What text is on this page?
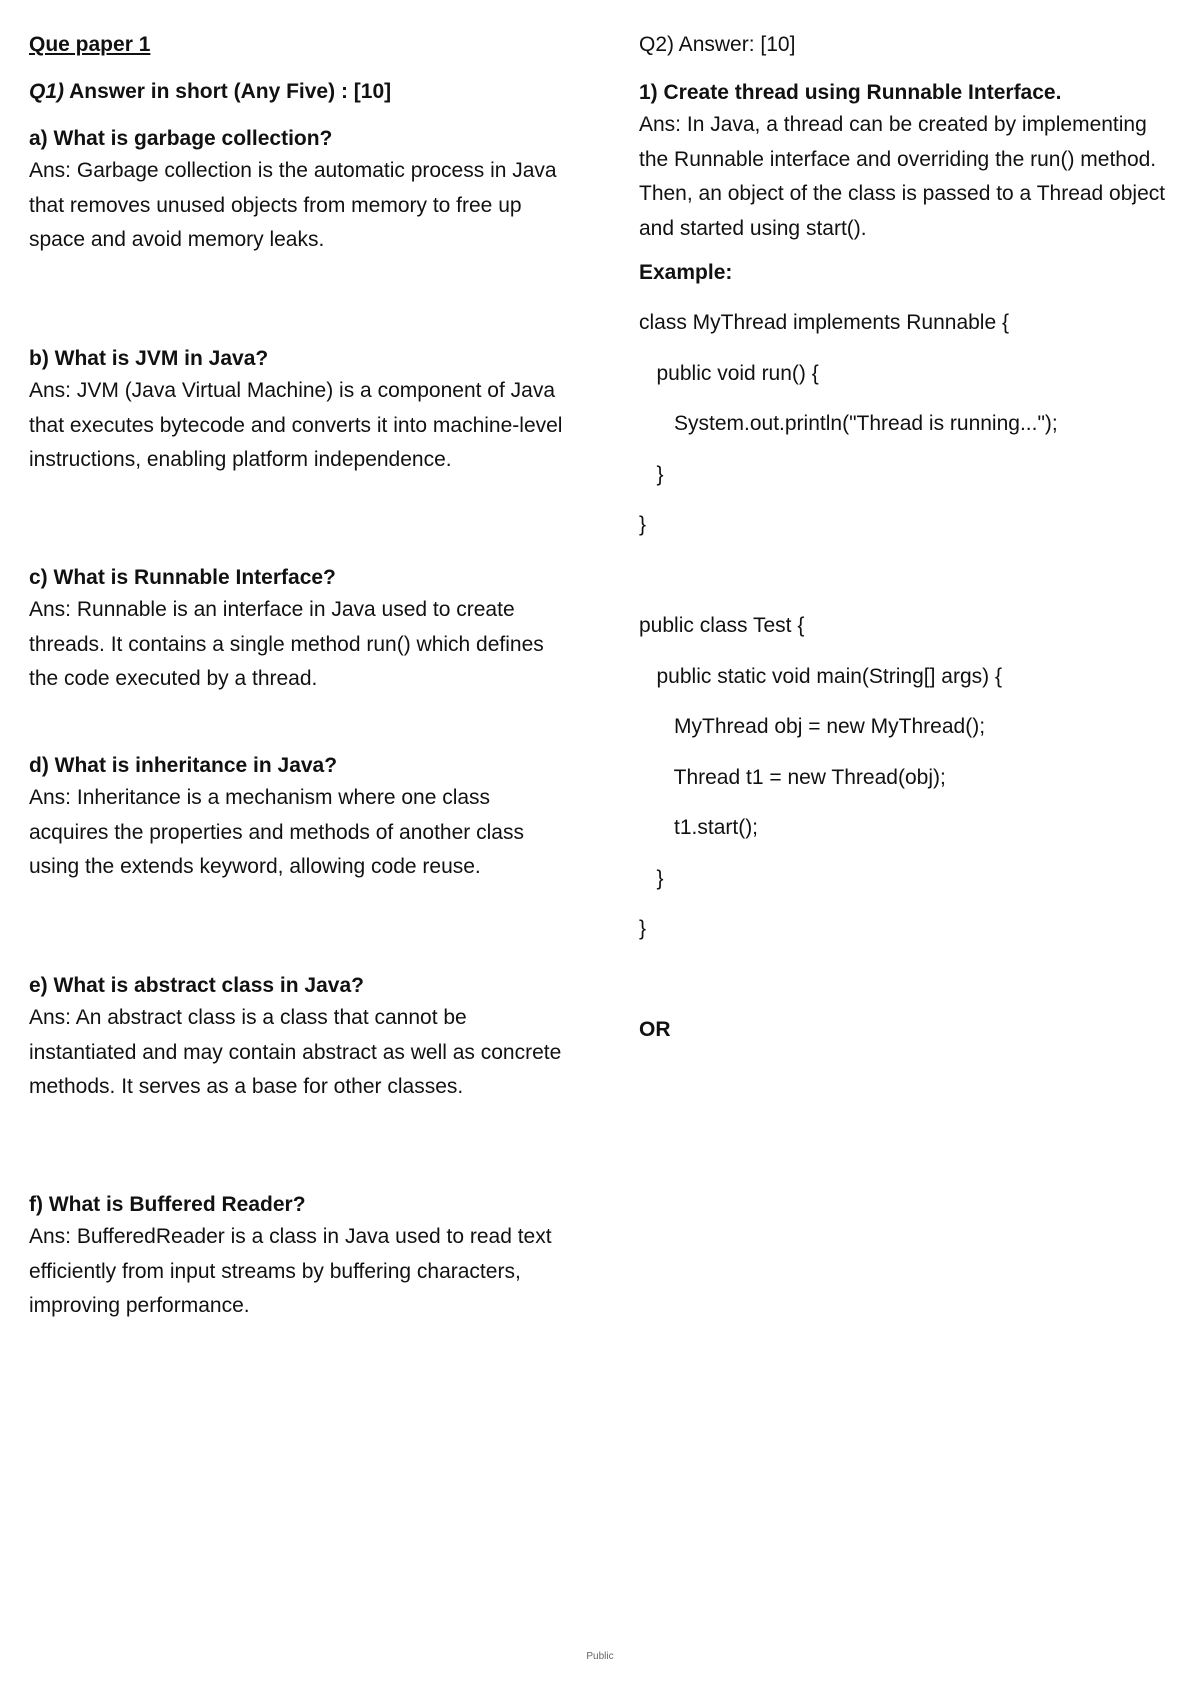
Que paper 1
Q1) Answer in short (Any Five) : [10]
a) What is garbage collection?
Ans: Garbage collection is the automatic process in Java that removes unused objects from memory to free up space and avoid memory leaks.
b) What is JVM in Java?
Ans: JVM (Java Virtual Machine) is a component of Java that executes bytecode and converts it into machine-level instructions, enabling platform independence.
c) What is Runnable Interface?
Ans: Runnable is an interface in Java used to create threads. It contains a single method run() which defines the code executed by a thread.
d) What is inheritance in Java?
Ans: Inheritance is a mechanism where one class acquires the properties and methods of another class using the extends keyword, allowing code reuse.
e) What is abstract class in Java?
Ans: An abstract class is a class that cannot be instantiated and may contain abstract as well as concrete methods. It serves as a base for other classes.
f) What is Buffered Reader?
Ans: BufferedReader is a class in Java used to read text efficiently from input streams by buffering characters, improving performance.
Q2) Answer: [10]
1) Create thread using Runnable Interface.
Ans: In Java, a thread can be created by implementing the Runnable interface and overriding the run() method. Then, an object of the class is passed to a Thread object and started using start().
Example:
class MyThread implements Runnable {
public void run() {
System.out.println("Thread is running...");
}
}
public class Test {
public static void main(String[] args) {
MyThread obj = new MyThread();
Thread t1 = new Thread(obj);
t1.start();
}
}
OR
Public
